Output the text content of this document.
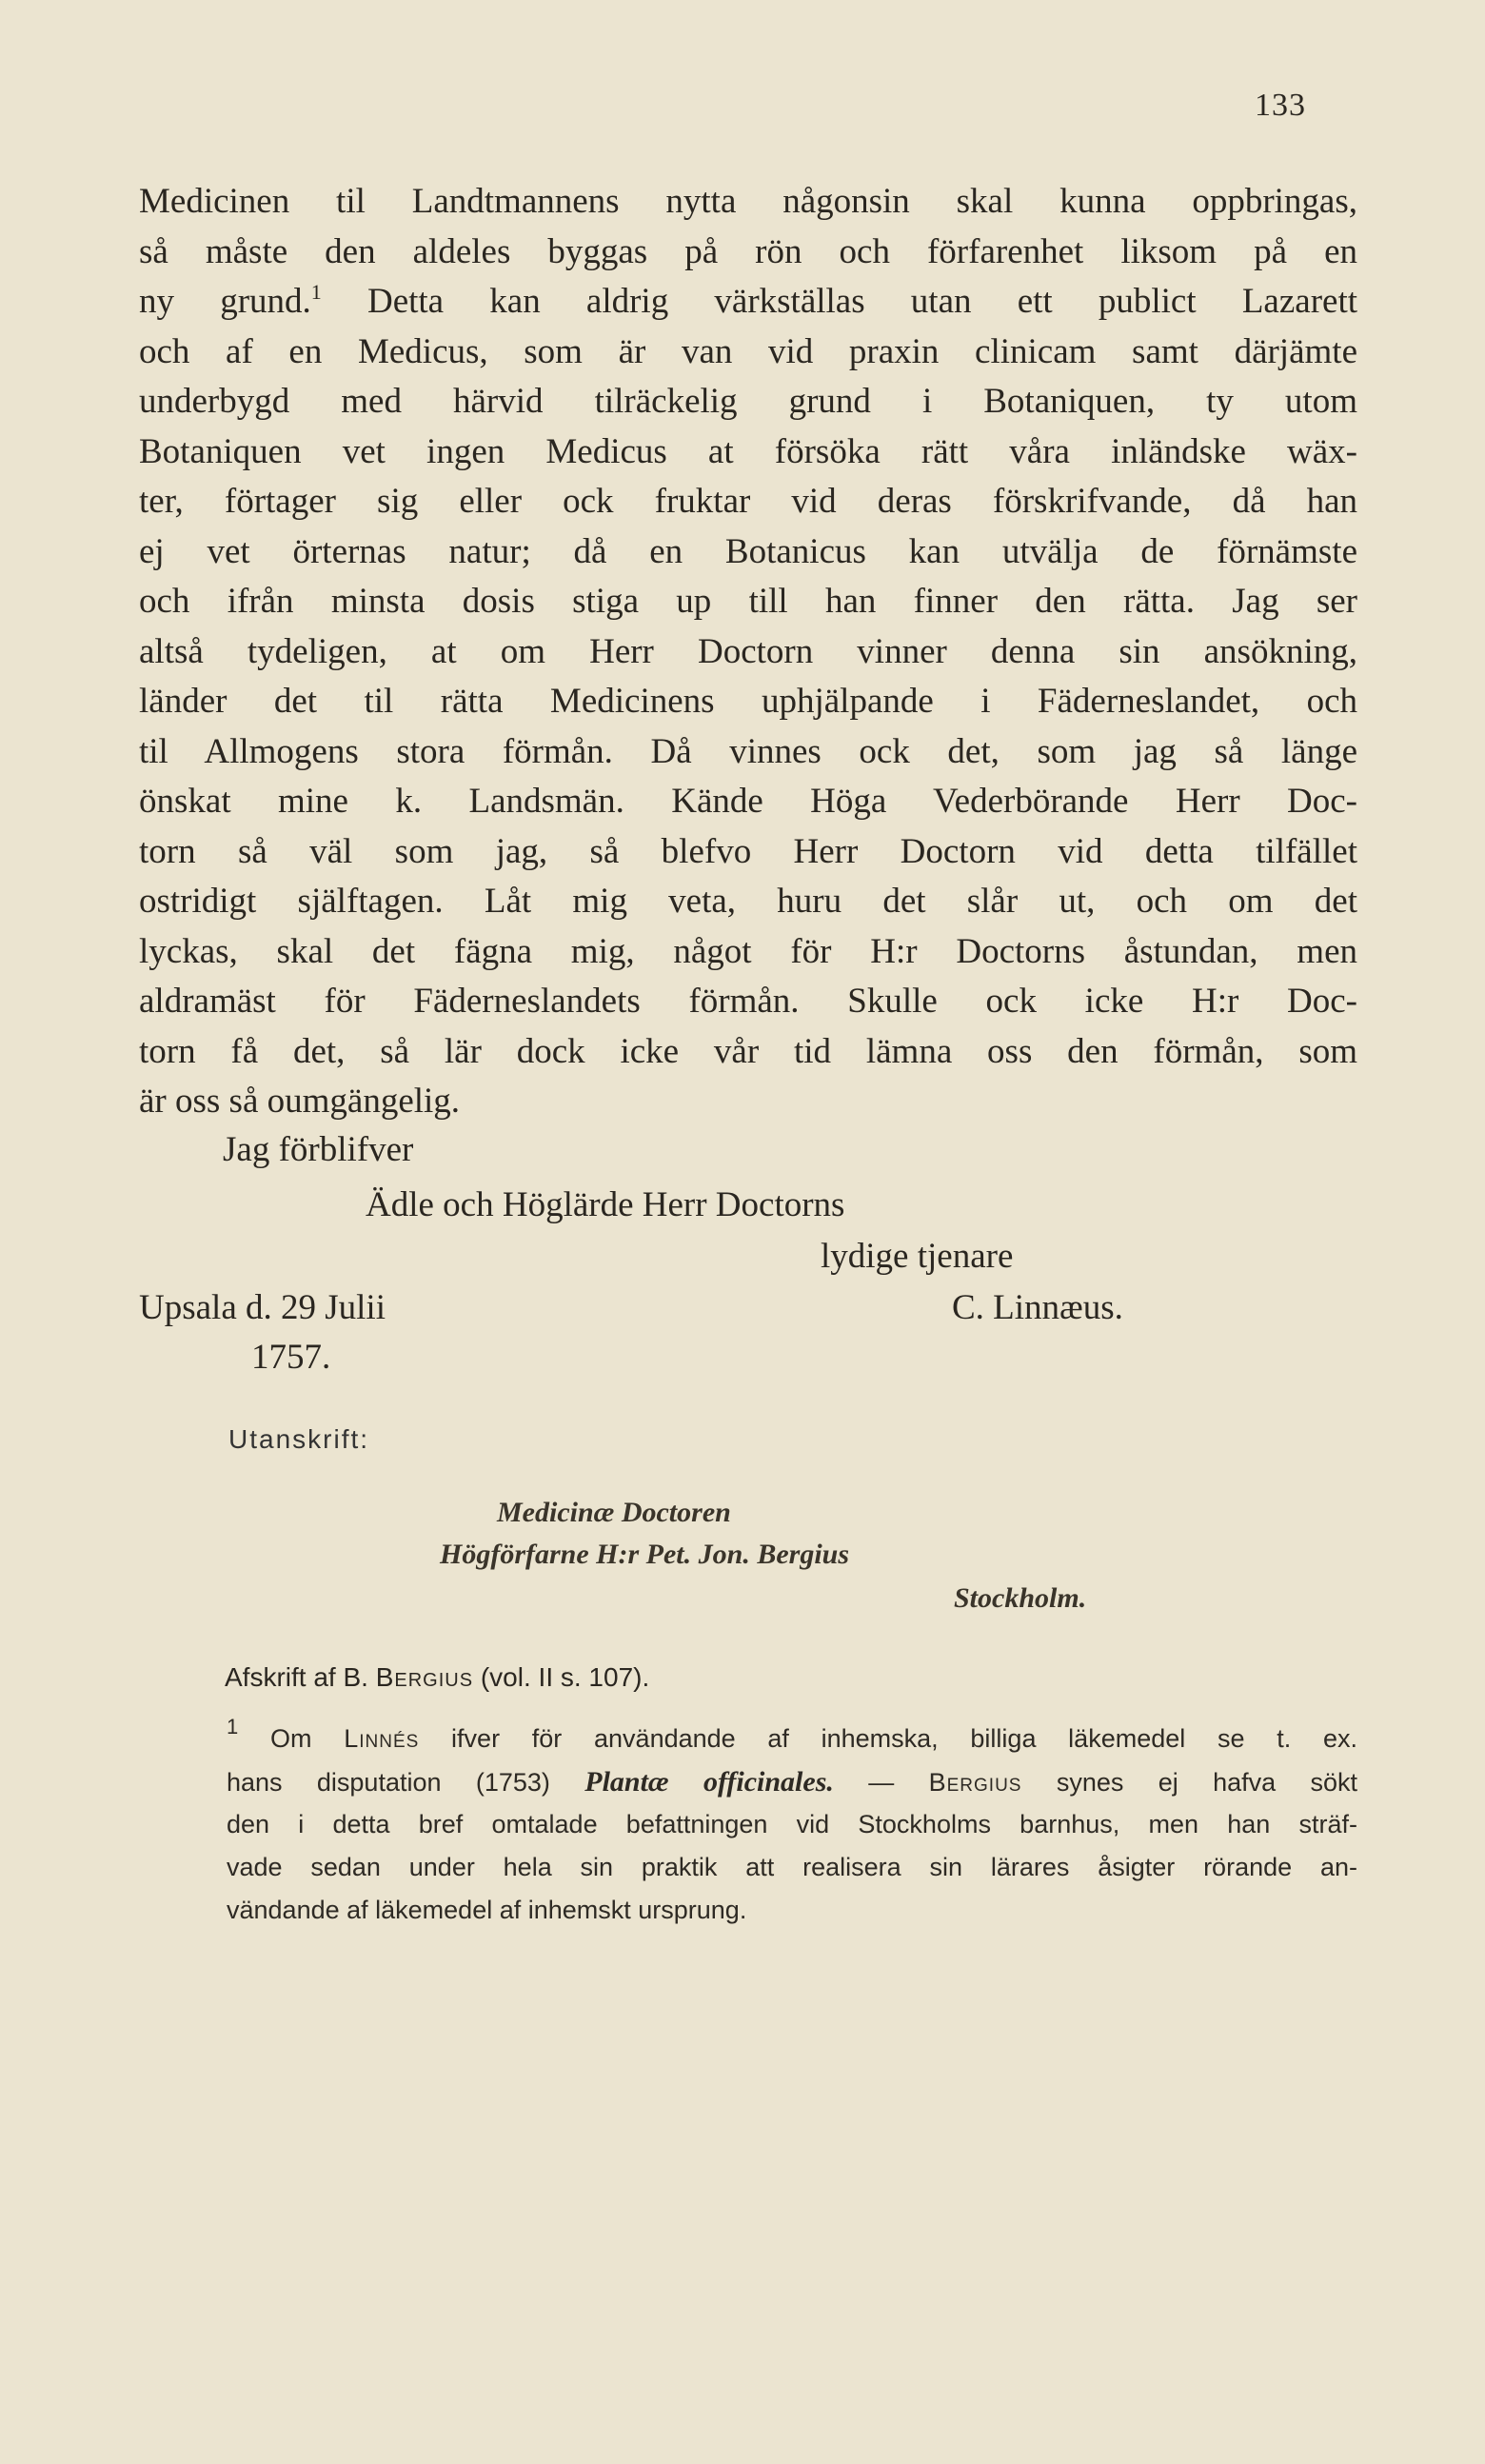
133
Medicinen til Landtmannens nytta någonsin skal kunna oppbringas,
så måste den aldeles byggas på rön och förfarenhet liksom på en
ny grund.$^1$ Detta kan aldrig värkställas utan ett publict Lazarett
och af en Medicus, som är van vid praxin clinicam samt därjämte
underbygd med härvid tilräckelig grund i Botaniquen, ty utom
Botaniquen vet ingen Medicus at försöka rätt våra inländske wäx-
ter, förtager sig eller ock fruktar vid deras förskrifvande, då han
ej vet örternas natur; då en Botanicus kan utvälja de förnämste
och ifrån minsta dosis stiga up till han finner den rätta. Jag ser
altså tydeligen, at om Herr Doctorn vinner denna sin ansökning,
länder det til rätta Medicinens uphjälpande i Fäderneslandet, och
til Allmogens stora förmån. Då vinnes ock det, som jag så länge
önskat mine k. Landsmän. Kände Höga Vederbörande Herr Doc-
torn så väl som jag, så blefvo Herr Doctorn vid detta tilfället
ostridigt själftagen. Låt mig veta, huru det slår ut, och om det
lyckas, skal det fägna mig, något för H:r Doctorns åstundan, men
aldramäst för Fäderneslandets förmån. Skulle ock icke H:r Doc-
torn få det, så lär dock icke vår tid lämna oss den förmån, som
är oss så oumgängelig.
Jag förblifver
Ädle och Höglärde Herr Doctorns
lydige tjenare
Upsala d. 29 Julii	C. Linnæus.
1757.
Utanskrift:
Medicinæ Doctoren
Högförfarne H:r Pet. Jon. Bergius
Stockholm.
Afskrift af B. Bergius (vol. II s. 107).
$^1$ Om Linnés ifver för användande af inhemska, billiga läkemedel se t. ex.
hans disputation (1753) Plantæ officinales. — Bergius synes ej hafva sökt
den i detta bref omtalade befattningen vid Stockholms barnhus, men han sträf-
vade sedan under hela sin praktik att realisera sin lärares åsigter rörande an-
vändande af läkemedel af inhemskt ursprung.
